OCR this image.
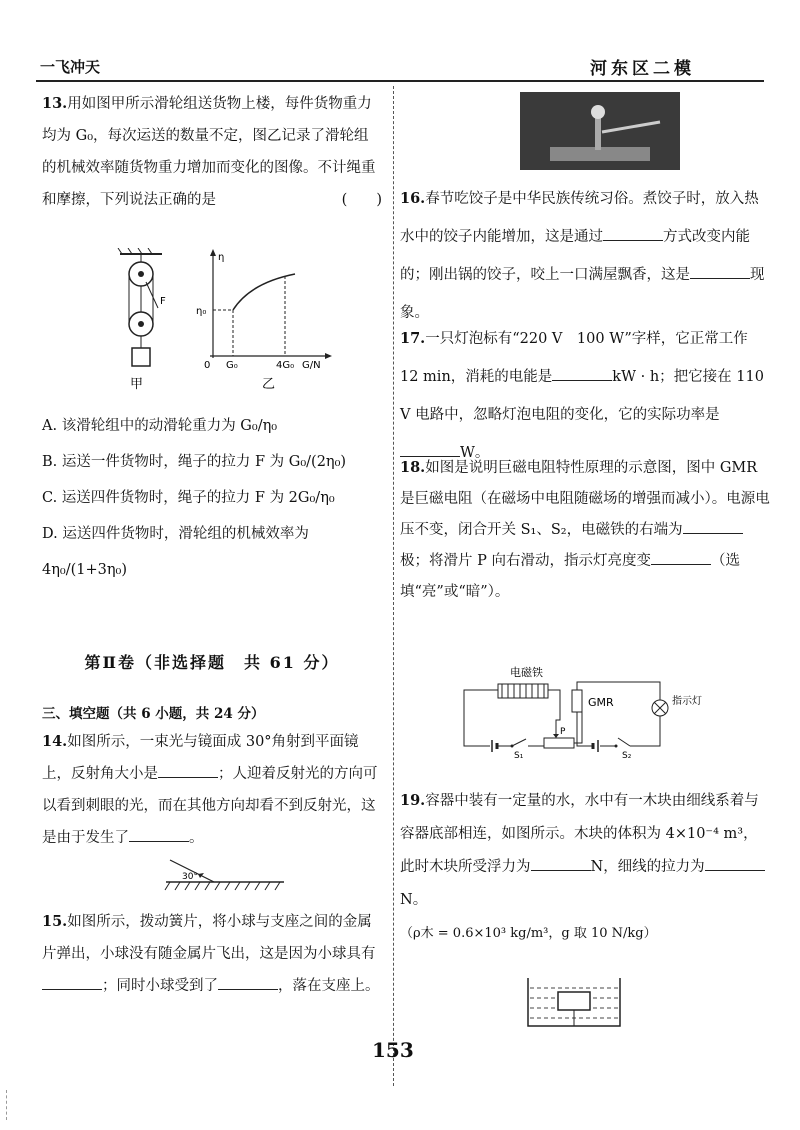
一飞冲天	河东区二模

13.用如图甲所示滑轮组送货物上楼，每件货物重力均为 G₀，每次运送的数量不定，图乙记录了滑轮组的机械效率随货物重力增加而变化的图像。不计绳重和摩擦，下列说法正确的是	(　　)

F
甲
η
η₀
0 G₀	4G₀ G/N
乙

A. 该滑轮组中的动滑轮重力为 G₀/η₀

B. 运送一件货物时，绳子的拉力 F 为 G₀/(2η₀)

C. 运送四件货物时，绳子的拉力 F 为 2G₀/η₀

D. 运送四件货物时，滑轮组的机械效率为 4η₀/(1+3η₀)

第Ⅱ卷（非选择题　共 61 分）
三、填空题（共 6 小题，共 24 分）

14.如图所示，一束光与镜面成 30°角射到平面镜上，反射角大小是	；人迎着反射光的方向可以看到刺眼的光，而在其他方向却看不到反射光，这是由于发生了	。

30°

15.如图所示，拨动簧片，将小球与支座之间的金属片弹出，小球没有随金属片飞出，这是因为小球具有；同时小球受到了	，落在支座上。

16.春节吃饺子是中华民族传统习俗。煮饺子时，放入热水中的饺子内能增加，这是通过	方式改变内能的；刚出锅的饺子，咬上一口满屋飘香，这是	现象。

17.一只灯泡标有“220 V　100 W”字样，它正常工作 12 min，消耗的电能是	kW · h；把它接在 110 V 电路中，忽略灯泡电阻的变化，它的实际功率是W。

18.如图是说明巨磁电阻特性原理的示意图，图中 GMR 是巨磁电阻（在磁场中电阻随磁场的增强而减小）。电源电压不变，闭合开关 S₁、S₂，电磁铁的右端为极；将滑片 P 向右滑动，指示灯亮度变	（选填“亮”或“暗”）。

电磁铁
S₁
P
GMR
S₂
指示灯

19.容器中装有一定量的水，水中有一木块由细线系着与容器底部相连，如图所示。木块的体积为 4×10⁻⁴ m³，此时木块所受浮力为	N，细线的拉力为N。

（ρ木 = 0.6×10³ kg/m³，g 取 10 N/kg）

153
